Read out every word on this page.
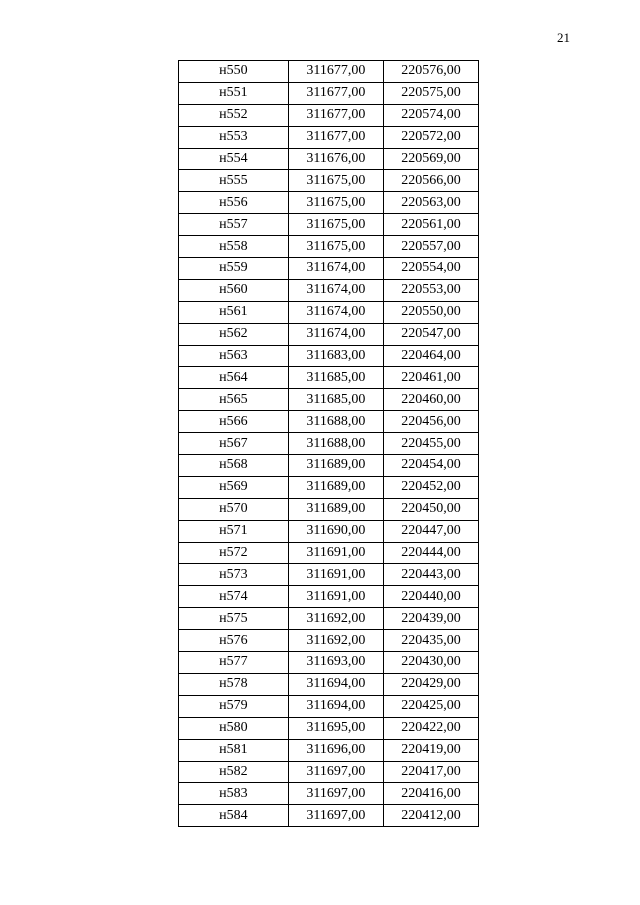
21
н550	311677,00	220576,00
н551	311677,00	220575,00
н552	311677,00	220574,00
н553	311677,00	220572,00
н554	311676,00	220569,00
н555	311675,00	220566,00
н556	311675,00	220563,00
н557	311675,00	220561,00
н558	311675,00	220557,00
н559	311674,00	220554,00
н560	311674,00	220553,00
н561	311674,00	220550,00
н562	311674,00	220547,00
н563	311683,00	220464,00
н564	311685,00	220461,00
н565	311685,00	220460,00
н566	311688,00	220456,00
н567	311688,00	220455,00
н568	311689,00	220454,00
н569	311689,00	220452,00
н570	311689,00	220450,00
н571	311690,00	220447,00
н572	311691,00	220444,00
н573	311691,00	220443,00
н574	311691,00	220440,00
н575	311692,00	220439,00
н576	311692,00	220435,00
н577	311693,00	220430,00
н578	311694,00	220429,00
н579	311694,00	220425,00
н580	311695,00	220422,00
н581	311696,00	220419,00
н582	311697,00	220417,00
н583	311697,00	220416,00
н584	311697,00	220412,00
